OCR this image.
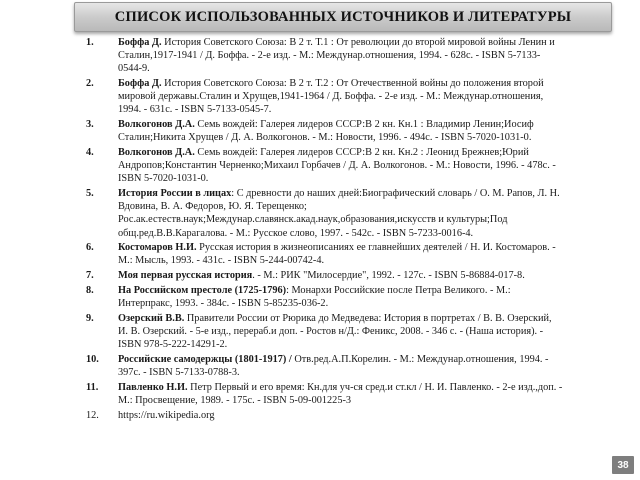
СПИСОК ИСПОЛЬЗОВАННЫХ ИСТОЧНИКОВ И ЛИТЕРАТУРЫ
1.	Боффа Д. История Советского Союза: В 2 т. Т.1 : От революции до второй мировой войны Ленин и Сталин,1917-1941 / Д. Боффа. - 2-е изд. - М.: Междунар.отношения, 1994. - 628с. - ISBN 5-7133-0544-9.
2.	Боффа Д. История Советского Союза: В 2 т. Т.2 : От Отечественной войны до положения второй мировой державы.Сталин и Хрущев,1941-1964 / Д. Боффа. - 2-е изд. - М.: Междунар.отношения, 1994. - 631с. - ISBN 5-7133-0545-7.
3.	Волкогонов Д.А. Семь вождей: Галерея лидеров СССР:В 2 кн. Кн.1 : Владимир Ленин;Иосиф Сталин;Никита Хрущев / Д. А. Волкогонов. - М.: Новости, 1996. - 494с. - ISBN 5-7020-1031-0.
4.	Волкогонов Д.А. Семь вождей: Галерея лидеров СССР:В 2 кн. Кн.2 : Леонид Брежнев;Юрий Андропов;Константин Черненко;Михаил Горбачев / Д. А. Волкогонов. - М.: Новости, 1996. - 478с. - ISBN 5-7020-1031-0.
5.	История России в лицах: С древности до наших дней:Биографический словарь / О. М. Рапов, Л. Н. Вдовина, В. А. Федоров, Ю. Я. Терещенко; Рос.ак.естеств.наук;Междунар.славянск.акад.наук,образования,искусств и культуры;Под общ.ред.В.В.Карагалова. - М.: Русское слово, 1997. - 542с. - ISBN 5-7233-0016-4.
6.	Костомаров Н.И. Русская история в жизнеописаниях ее главнейших деятелей / Н. И. Костомаров. - М.: Мысль, 1993. - 431с. - ISBN 5-244-00742-4.
7.	Моя первая русская история. - М.: РИК "Милосердие", 1992. - 127с. - ISBN 5-86884-017-8.
8.	На Российском престоле (1725-1796): Монархи Российские после Петра Великого. - М.: Интерпракс, 1993. - 384с. - ISBN 5-85235-036-2.
9.	Озерский В.В. Правители России от Рюрика до Медведева: История в портретах / В. В. Озерский, И. В. Озерский. - 5-е изд., перераб.и доп. - Ростов н/Д.: Феникс, 2008. - 346 с. - (Наша история). - ISBN 978-5-222-14291-2.
10.	Российские самодержцы (1801-1917) / Отв.ред.А.П.Корелин. - М.: Междунар.отношения, 1994. - 397с. - ISBN 5-7133-0788-3.
11.	Павленко Н.И. Петр Первый и его время: Кн.для уч-ся сред.и ст.кл / Н. И. Павленко. - 2-е изд.,доп. - М.: Просвещение, 1989. - 175с. - ISBN 5-09-001225-3
12.	https://ru.wikipedia.org
38
